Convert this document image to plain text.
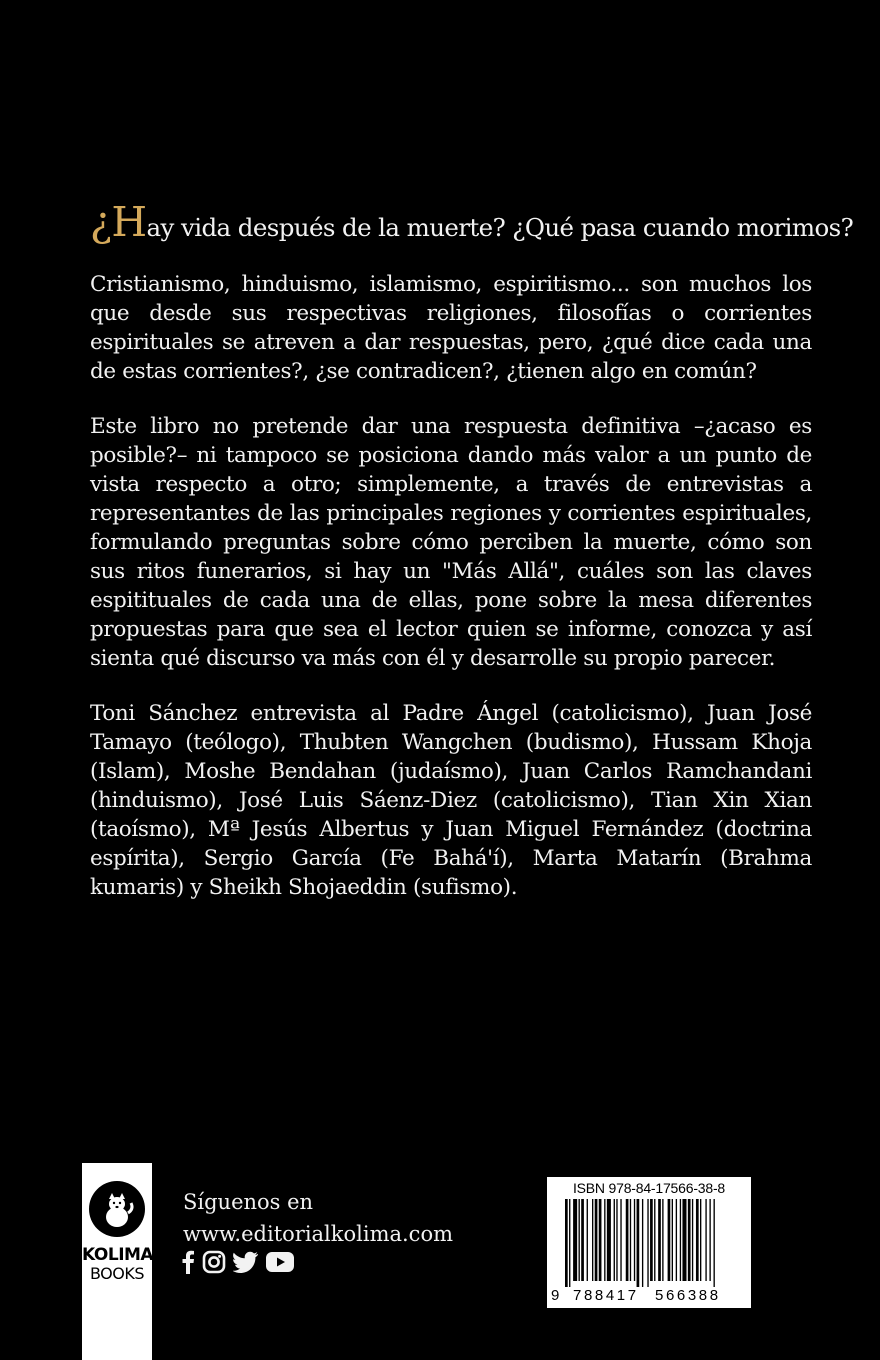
¿Hay vida después de la muerte? ¿Qué pasa cuando morimos?

Cristianismo, hinduismo, islamismo, espiritismo... son muchos los que desde sus respectivas religiones, filosofías o corrientes espirituales se atreven a dar respuestas, pero, ¿qué dice cada una de estas corrientes?, ¿se contradicen?, ¿tienen algo en común?

Este libro no pretende dar una respuesta definitiva –¿acaso es posible?– ni tampoco se posiciona dando más valor a un punto de vista respecto a otro; simplemente, a través de entrevistas a representantes de las principales regiones y corrientes espirituales, formulando preguntas sobre cómo perciben la muerte, cómo son sus ritos funerarios, si hay un "Más Allá", cuáles son las claves espitituales de cada una de ellas, pone sobre la mesa diferentes propuestas para que sea el lector quien se informe, conozca y así sienta qué discurso va más con él y desarrolle su propio parecer.

Toni Sánchez entrevista al Padre Ángel (catolicismo), Juan José Tamayo (teólogo), Thubten Wangchen (budismo), Hussam Khoja (Islam), Moshe Bendahan (judaísmo), Juan Carlos Ramchandani (hinduismo), José Luis Sáenz-Diez (catolicismo), Tian Xin Xian (taoísmo), Mª Jesús Albertus y Juan Miguel Fernández (doctrina espírita), Sergio García (Fe Bahá'í), Marta Matarín (Brahma kumaris) y Sheikh Shojaeddin (sufismo).

KOLIMA
BOOKS
Síguenos en
www.editorialkolima.com
ISBN 978-84-17566-38-8
9 788417 566388
